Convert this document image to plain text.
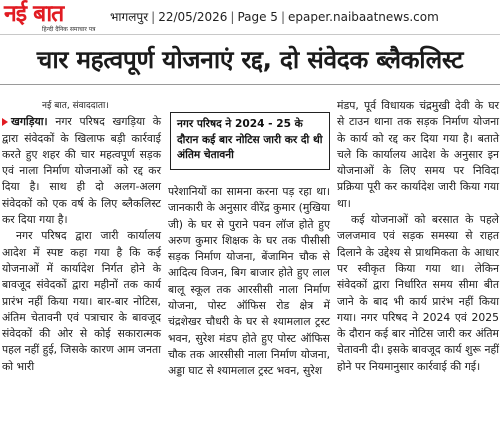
नई बात
हिन्दी दैनिक समाचार पत्र
भागलपुर | 22/05/2026 | Page 5 | epaper.naibaatnews.com
चार महत्वपूर्ण योजनाएं रद्द, दो संवेदक ब्लैकलिस्ट
नई बात, संवाददाता।

खगड़िया। नगर परिषद खगड़िया के द्वारा संवेदकों के खिलाफ बड़ी कार्रवाई करते हुए शहर की चार महत्वपूर्ण सड़क एवं नाला निर्माण योजनाओं को रद्द कर दिया है। साथ ही दो अलग-अलग संवेदकों को एक वर्ष के लिए ब्लैकलिस्ट कर दिया गया है।

नगर परिषद द्वारा जारी कार्यालय आदेश में स्पष्ट कहा गया है कि कई योजनाओं में कार्यादेश निर्गत होने के बावजूद संवेदकों द्वारा महीनों तक कार्य प्रारंभ नहीं किया गया। बार-बार नोटिस, अंतिम चेतावनी एवं पत्राचार के बावजूद संवेदकों की ओर से कोई सकारात्मक पहल नहीं हुई, जिसके कारण आम जनता को भारी

नगर परिषद ने 2024 - 25 के दौरान कई बार नोटिस जारी कर दी थी अंतिम चेतावनी

परेशानियों का सामना करना पड़ रहा था। जानकारी के अनुसार वीरेंद्र कुमार (मुखिया जी) के घर से पुराने पवन लॉज होते हुए अरुण कुमार शिक्षक के घर तक पीसीसी सड़क निर्माण योजना, बेंजामिन चौक से आदित्य विजन, बिग बाजार होते हुए लाल बालू स्कूल तक आरसीसी नाला निर्माण योजना, पोस्ट ऑफिस रोड क्षेत्र में चंद्रशेखर चौधरी के घर से श्यामलाल ट्रस्ट भवन, सुरेश मंडप होते हुए पोस्ट ऑफिस चौक तक आरसीसी नाला निर्माण योजना, अड्डा घाट से श्यामलाल ट्रस्ट भवन, सुरेश

मंडप, पूर्व विधायक चंद्रमुखी देवी के घर से टाउन थाना तक सड़क निर्माण योजना के कार्य को रद्द कर दिया गया है। बताते चले कि कार्यालय आदेश के अनुसार इन योजनाओं के लिए समय पर निविदा प्रक्रिया पूरी कर कार्यादेश जारी किया गया था।

कई योजनाओं को बरसात के पहले जलजमाव एवं सड़क समस्या से राहत दिलाने के उद्देश्य से प्राथमिकता के आधार पर स्वीकृत किया गया था। लेकिन संवेदकों द्वारा निर्धारित समय सीमा बीत जाने के बाद भी कार्य प्रारंभ नहीं किया गया। नगर परिषद ने 2024 एवं 2025 के दौरान कई बार नोटिस जारी कर अंतिम चेतावनी दी। इसके बावजूद कार्य शुरू नहीं होने पर नियमानुसार कार्रवाई की गई।
